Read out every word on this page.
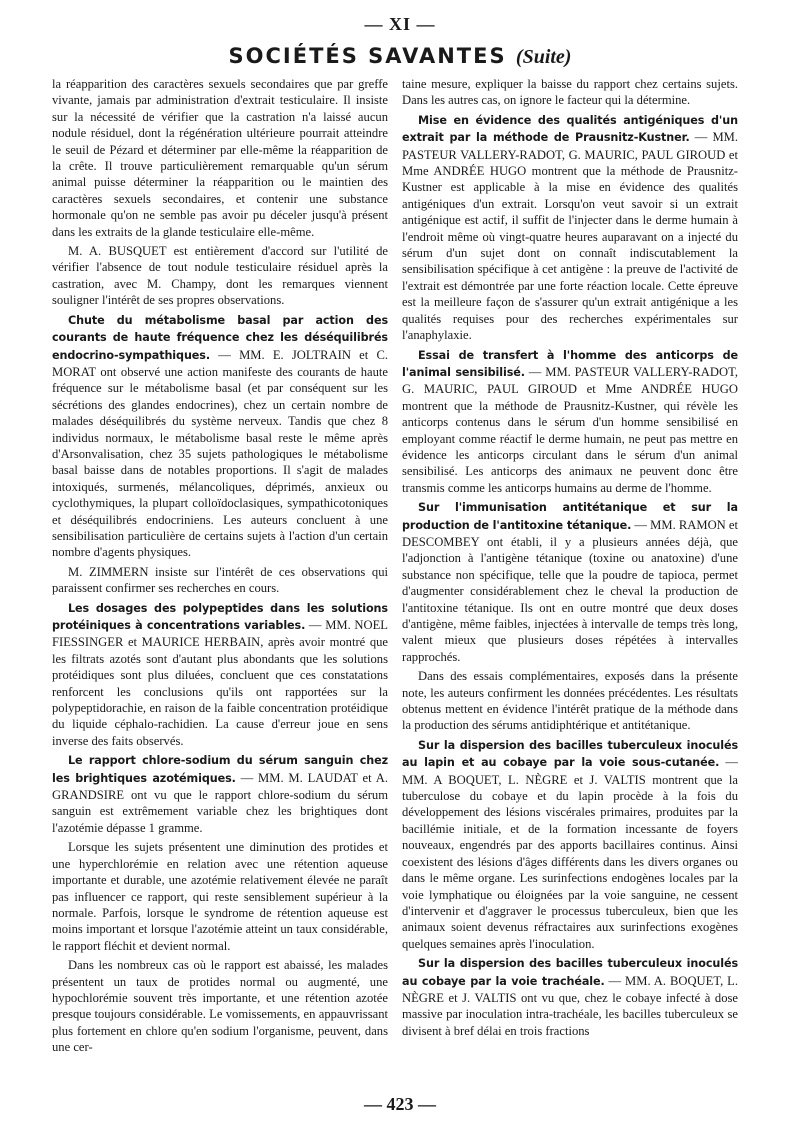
— XI —
SOCIÉTÉS SAVANTES (Suite)

la réapparition des caractères sexuels secondaires que par greffe vivante, jamais par administration d'extrait testiculaire. Il insiste sur la nécessité de vérifier que la castration n'a laissé aucun nodule résiduel, dont la régénération ultérieure pourrait atteindre le seuil de Pézard et déterminer par elle-même la réapparition de la crête. Il trouve particulièrement remarquable qu'un sérum animal puisse déterminer la réapparition ou le maintien des caractères sexuels secondaires, et contenir une substance hormonale qu'on ne semble pas avoir pu déceler jusqu'à présent dans les extraits de la glande testiculaire elle-même.

M. A. BUSQUET est entièrement d'accord sur l'utilité de vérifier l'absence de tout nodule testiculaire résiduel après la castration, avec M. Champy, dont les remarques viennent souligner l'intérêt de ses propres observations.

Chute du métabolisme basal par action des courants de haute fréquence chez les déséquilibrés endocrino-sympathiques. — MM. E. JOLTRAIN et C. MORAT ont observé une action manifeste des courants de haute fréquence sur le métabolisme basal (et par conséquent sur les sécrétions des glandes endocrines), chez un certain nombre de malades déséquilibrés du système nerveux. Tandis que chez 8 individus normaux, le métabolisme basal reste le même après d'Arsonvalisation, chez 35 sujets pathologiques le métabolisme basal baisse dans de notables proportions. Il s'agit de malades intoxiqués, surmenés, mélancoliques, déprimés, anxieux ou cyclothymiques, la plupart colloïdoclasiques, sympathicotoniques et déséquilibrés endocriniens. Les auteurs concluent à une sensibilisation particulière de certains sujets à l'action d'un certain nombre d'agents physiques.

M. ZIMMERN insiste sur l'intérêt de ces observations qui paraissent confirmer ses recherches en cours.

Les dosages des polypeptides dans les solutions protéiniques à concentrations variables. — MM. NOEL FIESSINGER et MAURICE HERBAIN, après avoir montré que les filtrats azotés sont d'autant plus abondants que les solutions protéidiques sont plus diluées, concluent que ces constatations renforcent les conclusions qu'ils ont rapportées sur la polypeptidorachie, en raison de la faible concentration protéidique du liquide céphalo-rachidien. La cause d'erreur joue en sens inverse des faits observés.

Le rapport chlore-sodium du sérum sanguin chez les brightiques azotémiques. — MM. M. LAUDAT et A. GRANDSIRE ont vu que le rapport chlore-sodium du sérum sanguin est extrêmement variable chez les brightiques dont l'azotémie dépasse 1 gramme.

Lorsque les sujets présentent une diminution des protides et une hyperchlorémie en relation avec une rétention aqueuse importante et durable, une azotémie relativement élevée ne paraît pas influencer ce rapport, qui reste sensiblement supérieur à la normale. Parfois, lorsque le syndrome de rétention aqueuse est moins important et lorsque l'azotémie atteint un taux considérable, le rapport fléchit et devient normal.

Dans les nombreux cas où le rapport est abaissé, les malades présentent un taux de protides normal ou augmenté, une hypochlorémie souvent très importante, et une rétention azotée presque toujours considérable. Le vomissements, en appauvrissant plus fortement en chlore qu'en sodium l'organisme, peuvent, dans une cer-

taine mesure, expliquer la baisse du rapport chez certains sujets. Dans les autres cas, on ignore le facteur qui la détermine.

Mise en évidence des qualités antigéniques d'un extrait par la méthode de Prausnitz-Kustner. — MM. PASTEUR VALLERY-RADOT, G. MAURIC, PAUL GIROUD et Mme ANDRÉE HUGO montrent que la méthode de Prausnitz-Kustner est applicable à la mise en évidence des qualités antigéniques d'un extrait. Lorsqu'on veut savoir si un extrait antigénique est actif, il suffit de l'injecter dans le derme humain à l'endroit même où vingt-quatre heures auparavant on a injecté du sérum d'un sujet dont on connaît indiscutablement la sensibilisation spécifique à cet antigène : la preuve de l'activité de l'extrait est démontrée par une forte réaction locale. Cette épreuve est la meilleure façon de s'assurer qu'un extrait antigénique a les qualités requises pour des recherches expérimentales sur l'anaphylaxie.

Essai de transfert à l'homme des anticorps de l'animal sensibilisé. — MM. PASTEUR VALLERY-RADOT, G. MAURIC, PAUL GIROUD et Mme ANDRÉE HUGO montrent que la méthode de Prausnitz-Kustner, qui révèle les anticorps contenus dans le sérum d'un homme sensibilisé en employant comme réactif le derme humain, ne peut pas mettre en évidence les anticorps circulant dans le sérum d'un animal sensibilisé. Les anticorps des animaux ne peuvent donc être transmis comme les anticorps humains au derme de l'homme.

Sur l'immunisation antitétanique et sur la production de l'antitoxine tétanique. — MM. RAMON et DESCOMBEY ont établi, il y a plusieurs années déjà, que l'adjonction à l'antigène tétanique (toxine ou anatoxine) d'une substance non spécifique, telle que la poudre de tapioca, permet d'augmenter considérablement chez le cheval la production de l'antitoxine tétanique. Ils ont en outre montré que deux doses d'antigène, même faibles, injectées à intervalle de temps très long, valent mieux que plusieurs doses répétées à intervalles rapprochés.

Dans des essais complémentaires, exposés dans la présente note, les auteurs confirment les données précédentes. Les résultats obtenus mettent en évidence l'intérêt pratique de la méthode dans la production des sérums antidiphtérique et antitétanique.

Sur la dispersion des bacilles tuberculeux inoculés au lapin et au cobaye par la voie sous-cutanée. — MM. A BOQUET, L. NÈGRE et J. VALTIS montrent que la tuberculose du cobaye et du lapin procède à la fois du développement des lésions viscérales primaires, produites par la bacillémie initiale, et de la formation incessante de foyers nouveaux, engendrés par des apports bacillaires continus. Ainsi coexistent des lésions d'âges différents dans les divers organes ou dans le même organe. Les surinfections endogènes locales par la voie lymphatique ou éloignées par la voie sanguine, ne cessent d'intervenir et d'aggraver le processus tuberculeux, bien que les animaux soient devenus réfractaires aux surinfections exogènes quelques semaines après l'inoculation.

Sur la dispersion des bacilles tuberculeux inoculés au cobaye par la voie trachéale. — MM. A. BOQUET, L. NÈGRE et J. VALTIS ont vu que, chez le cobaye infecté à dose massive par inoculation intra-trachéale, les bacilles tuberculeux se divisent à bref délai en trois fractions

— 423 —
